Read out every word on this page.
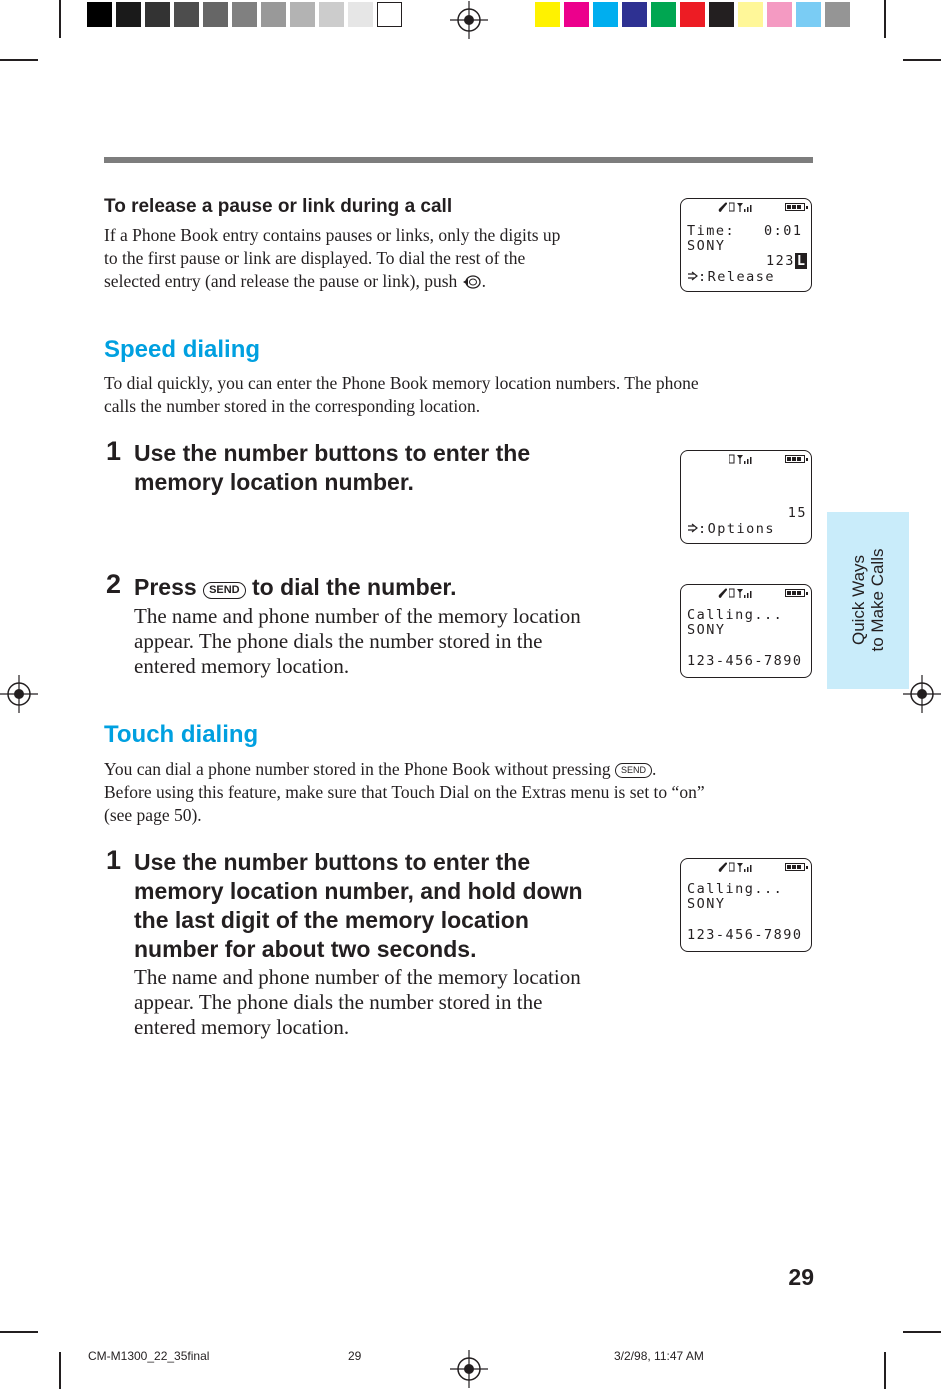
To release a pause or link during a call
If a Phone Book entry contains pauses or links, only the digits up
to the first pause or link are displayed. To dial the rest of the
selected entry (and release the pause or link), push .
Time:   0:01
SONY
123 L
:Release
Speed dialing
To dial quickly, you can enter the Phone Book memory location numbers. The phone
calls the number stored in the corresponding location.
1 Use the number buttons to enter the
memory location number.
15
:Options
2 Press SEND to dial the number.
The name and phone number of the memory location
appear. The phone dials the number stored in the
entered memory location.
Calling...
SONY
123-456-7890
Touch dialing
You can dial a phone number stored in the Phone Book without pressing SEND .
Before using this feature, make sure that Touch Dial on the Extras menu is set to “on”
(see page 50).
1 Use the number buttons to enter the
memory location number, and hold down
the last digit of the memory location
number for about two seconds.
The name and phone number of the memory location
appear. The phone dials the number stored in the
entered memory location.
Calling...
SONY
123-456-7890
Quick Ways to Make Calls
29
CM-M1300_22_35final	29	3/2/98, 11:47 AM
